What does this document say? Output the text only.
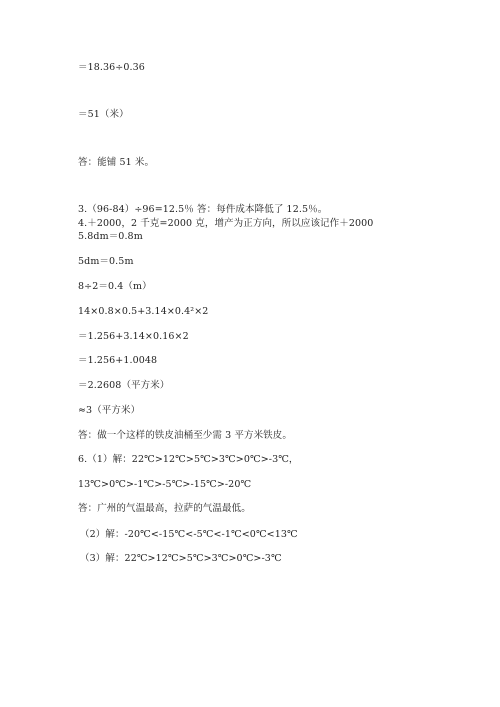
＝18.36÷0.36
＝51（米）
答：能铺 51 米。
3.（96-84）÷96=12.5％ 答：每件成本降低了 12.5％。
4.＋2000，2 千克=2000 克，增产为正方向，所以应该记作＋2000
5.8dm＝0.8m
5dm＝0.5m
8÷2＝0.4（m）
14×0.8×0.5+3.14×0.4²×2
＝1.256+3.14×0.16×2
＝1.256+1.0048
＝2.2608（平方米）
≈3（平方米）
答：做一个这样的铁皮油桶至少需 3 平方米铁皮。
6.（1）解：22℃>12℃>5℃>3℃>0℃>-3℃，
13℃>0℃>-1℃>-5℃>-15℃>-20℃
答：广州的气温最高，拉萨的气温最低。
（2）解：-20℃<-15℃<-5℃<-1℃<0℃<13℃
（3）解：22℃>12℃>5℃>3℃>0℃>-3℃
